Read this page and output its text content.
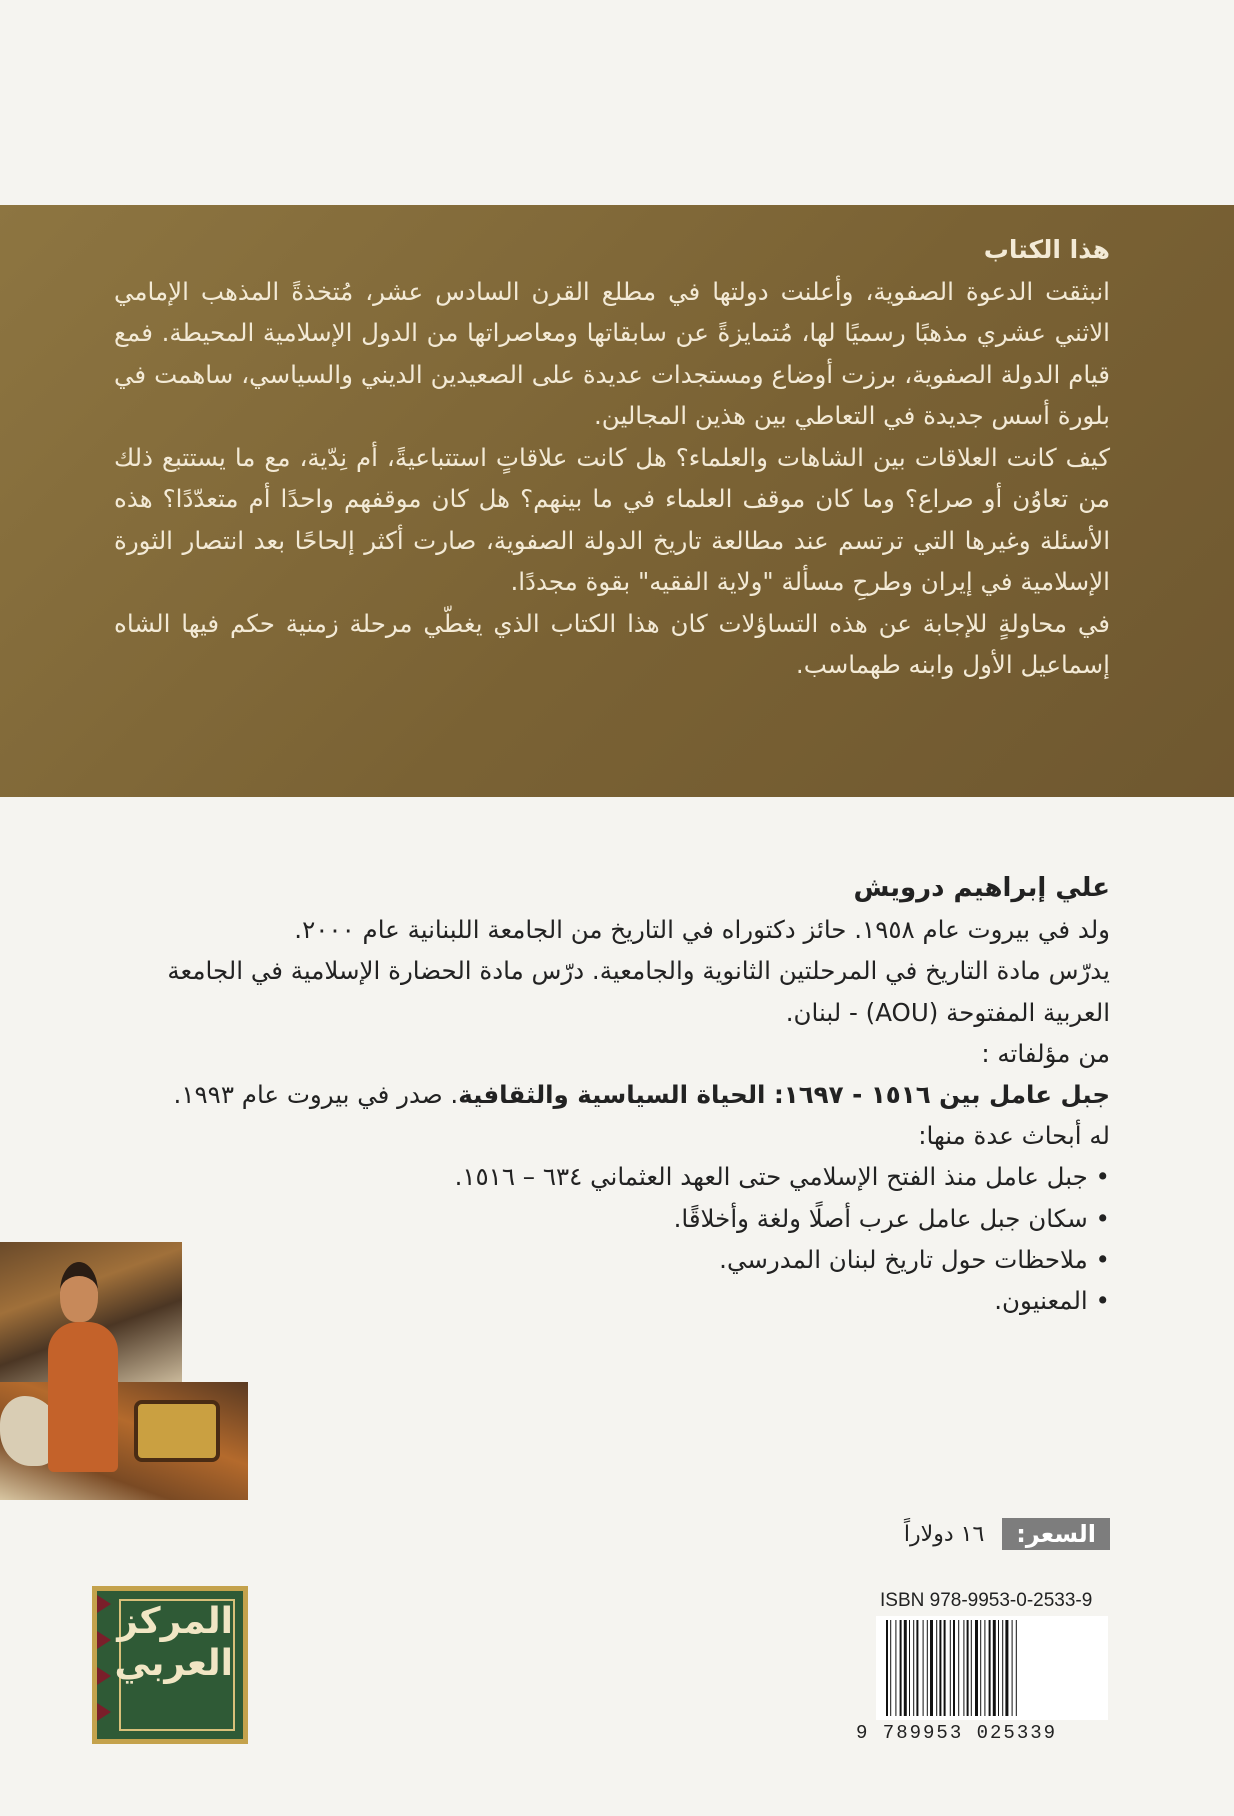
هذا الكتاب

انبثقت الدعوة الصفوية، وأعلنت دولتها في مطلع القرن السادس عشر، مُتخذةً المذهب الإمامي الاثني عشري مذهبًا رسميًا لها، مُتمايزةً عن سابقاتها ومعاصراتها من الدول الإسلامية المحيطة. فمع قيام الدولة الصفوية، برزت أوضاع ومستجدات عديدة على الصعيدين الديني والسياسي، ساهمت في بلورة أسس جديدة في التعاطي بين هذين المجالين.

كيف كانت العلاقات بين الشاهات والعلماء؟ هل كانت علاقاتٍ استتباعيةً، أم نِدّية، مع ما يستتبع ذلك من تعاوُن أو صراع؟ وما كان موقف العلماء في ما بينهم؟ هل كان موقفهم واحدًا أم متعدّدًا؟ هذه الأسئلة وغيرها التي ترتسم عند مطالعة تاريخ الدولة الصفوية، صارت أكثر إلحاحًا بعد انتصار الثورة الإسلامية في إيران وطرحِ مسألة "ولاية الفقيه" بقوة مجددًا.

في محاولةٍ للإجابة عن هذه التساؤلات كان هذا الكتاب الذي يغطّي مرحلة زمنية حكم فيها الشاه إسماعيل الأول وابنه طهماسب.

علي إبراهيم درويش

ولد في بيروت عام ١٩٥٨. حائز دكتوراه في التاريخ من الجامعة اللبنانية عام ٢٠٠٠.

يدرّس مادة التاريخ في المرحلتين الثانوية والجامعية. درّس مادة الحضارة الإسلامية في الجامعة العربية المفتوحة (AOU) - لبنان.

من مؤلفاته :

جبل عامل بين ١٥١٦ - ١٦٩٧: الحياة السياسية والثقافية. صدر في بيروت عام ١٩٩٣.

له أبحاث عدة منها:

• جبل عامل منذ الفتح الإسلامي حتى العهد العثماني ٦٣٤ – ١٥١٦.
• سكان جبل عامل عرب أصلًا ولغة وأخلاقًا.
• ملاحظات حول تاريخ لبنان المدرسي.
• المعنيون.
السعر:
١٦ دولاراً
المركز العربي
ISBN 978-9953-0-2533-9
9 789953 025339
